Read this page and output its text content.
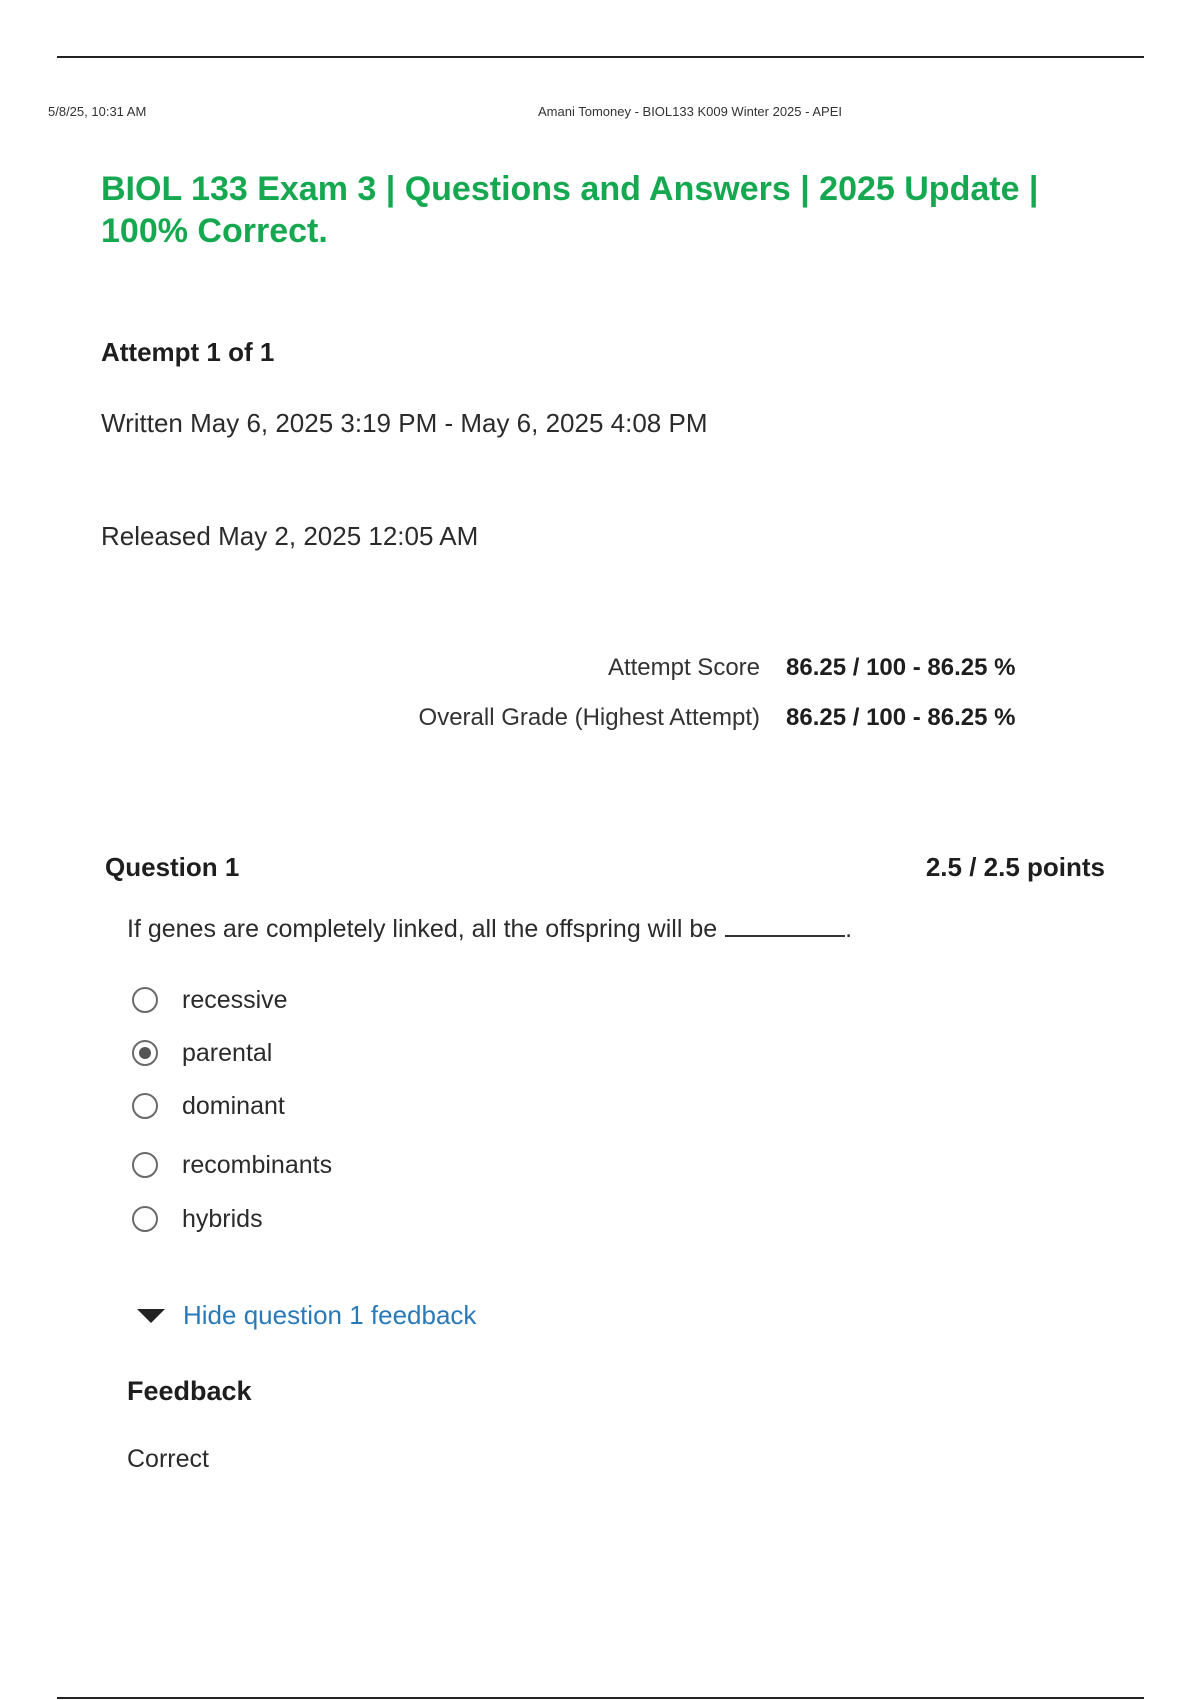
5/8/25, 10:31 AM	Amani Tomoney - BIOL133 K009 Winter 2025 - APEI
BIOL 133 Exam 3 | Questions and Answers | 2025 Update | 100% Correct.
Attempt 1 of 1
Written May 6, 2025 3:19 PM - May 6, 2025 4:08 PM
Released May 2, 2025 12:05 AM
Attempt Score 86.25 / 100 - 86.25 %
Overall Grade (Highest Attempt) 86.25 / 100 - 86.25 %
Question 1	2.5 / 2.5 points
If genes are completely linked, all the offspring will be	.
recessive
parental
dominant
recombinants
hybrids
Hide question 1 feedback
Feedback
Correct
